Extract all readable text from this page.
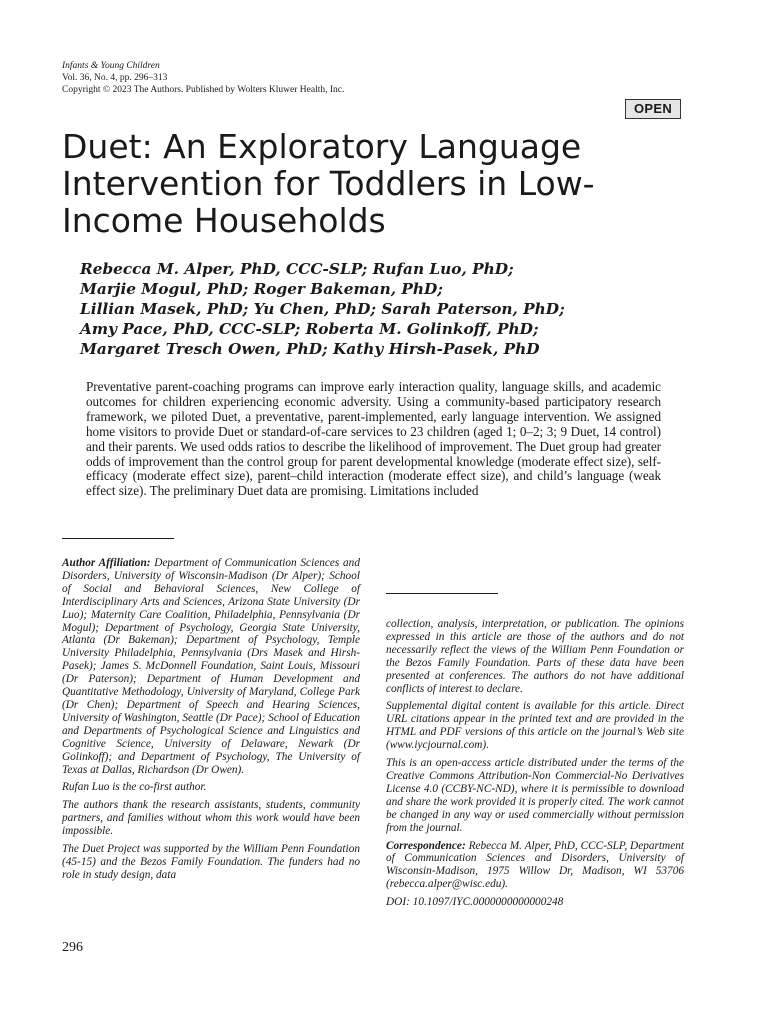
Infants & Young Children
Vol. 36, No. 4, pp. 296–313
Copyright © 2023 The Authors. Published by Wolters Kluwer Health, Inc.
OPEN
Duet: An Exploratory Language Intervention for Toddlers in Low-Income Households
Rebecca M. Alper, PhD, CCC-SLP; Rufan Luo, PhD;
Marjie Mogul, PhD; Roger Bakeman, PhD;
Lillian Masek, PhD; Yu Chen, PhD; Sarah Paterson, PhD;
Amy Pace, PhD, CCC-SLP; Roberta M. Golinkoff, PhD;
Margaret Tresch Owen, PhD; Kathy Hirsh-Pasek, PhD

Preventative parent-coaching programs can improve early interaction quality, language skills, and academic outcomes for children experiencing economic adversity. Using a community-based participatory research framework, we piloted Duet, a preventative, parent-implemented, early language intervention. We assigned home visitors to provide Duet or standard-of-care services to 23 children (aged 1; 0–2; 3; 9 Duet, 14 control) and their parents. We used odds ratios to describe the likelihood of improvement. The Duet group had greater odds of improvement than the control group for parent developmental knowledge (moderate effect size), self-efficacy (moderate effect size), parent–child interaction (moderate effect size), and child’s language (weak effect size). The preliminary Duet data are promising. Limitations included

Author Affiliation: Department of Communication Sciences and Disorders, University of Wisconsin-Madison (Dr Alper); School of Social and Behavioral Sciences, New College of Interdisciplinary Arts and Sciences, Arizona State University (Dr Luo); Maternity Care Coalition, Philadelphia, Pennsylvania (Dr Mogul); Department of Psychology, Georgia State University, Atlanta (Dr Bakeman); Department of Psychology, Temple University Philadelphia, Pennsylvania (Drs Masek and Hirsh-Pasek); James S. McDonnell Foundation, Saint Louis, Missouri (Dr Paterson); Department of Human Development and Quantitative Methodology, University of Maryland, College Park (Dr Chen); Department of Speech and Hearing Sciences, University of Washington, Seattle (Dr Pace); School of Education and Departments of Psychological Science and Linguistics and Cognitive Science, University of Delaware, Newark (Dr Golinkoff); and Department of Psychology, The University of Texas at Dallas, Richardson (Dr Owen).

Rufan Luo is the co-first author.

The authors thank the research assistants, students, community partners, and families without whom this work would have been impossible.

The Duet Project was supported by the William Penn Foundation (45-15) and the Bezos Family Foundation. The funders had no role in study design, data

collection, analysis, interpretation, or publication. The opinions expressed in this article are those of the authors and do not necessarily reflect the views of the William Penn Foundation or the Bezos Family Foundation. Parts of these data have been presented at conferences. The authors do not have additional conflicts of interest to declare.

Supplemental digital content is available for this article. Direct URL citations appear in the printed text and are provided in the HTML and PDF versions of this article on the journal’s Web site (www.iycjournal.com).

This is an open-access article distributed under the terms of the Creative Commons Attribution-Non Commercial-No Derivatives License 4.0 (CCBY-NC-ND), where it is permissible to download and share the work provided it is properly cited. The work cannot be changed in any way or used commercially without permission from the journal.

Correspondence: Rebecca M. Alper, PhD, CCC-SLP, Department of Communication Sciences and Disorders, University of Wisconsin-Madison, 1975 Willow Dr, Madison, WI 53706 (rebecca.alper@wisc.edu).

DOI: 10.1097/IYC.0000000000000248

296
